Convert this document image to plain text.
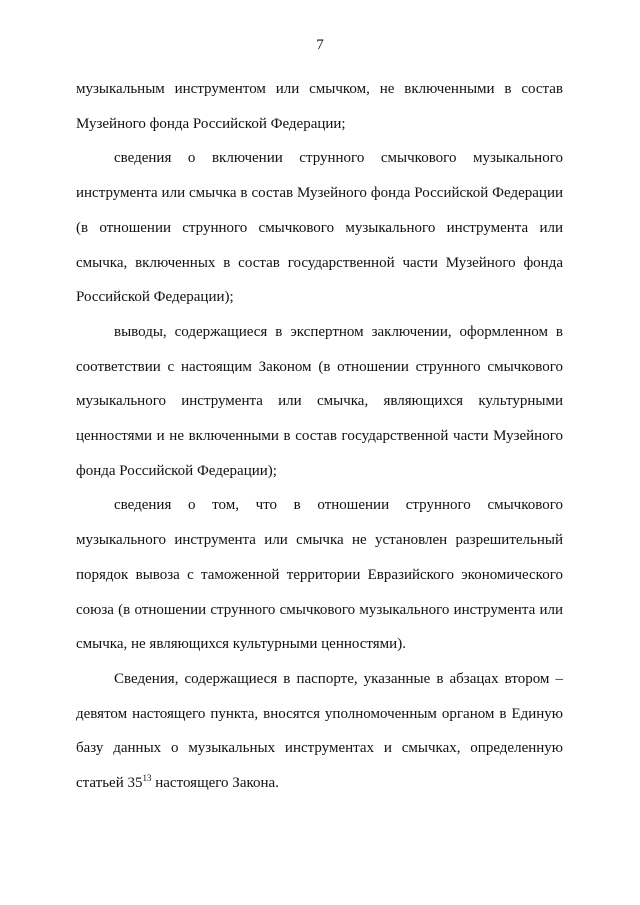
7

музыкальным инструментом или смычком, не включенными в состав Музейного фонда Российской Федерации;

сведения о включении струнного смычкового музыкального инструмента или смычка в состав Музейного фонда Российской Федерации (в отношении струнного смычкового музыкального инструмента или смычка, включенных в состав государственной части Музейного фонда Российской Федерации);

выводы, содержащиеся в экспертном заключении, оформленном в соответствии с настоящим Законом (в отношении струнного смычкового музыкального инструмента или смычка, являющихся культурными ценностями и не включенными в состав государственной части Музейного фонда Российской Федерации);

сведения о том, что в отношении струнного смычкового музыкального инструмента или смычка не установлен разрешительный порядок вывоза с таможенной территории Евразийского экономического союза (в отношении струнного смычкового музыкального инструмента или смычка, не являющихся культурными ценностями).

Сведения, содержащиеся в паспорте, указанные в абзацах втором – девятом настоящего пункта, вносятся уполномоченным органом в Единую базу данных о музыкальных инструментах и смычках, определенную статьей $35^{13}$ настоящего Закона.
